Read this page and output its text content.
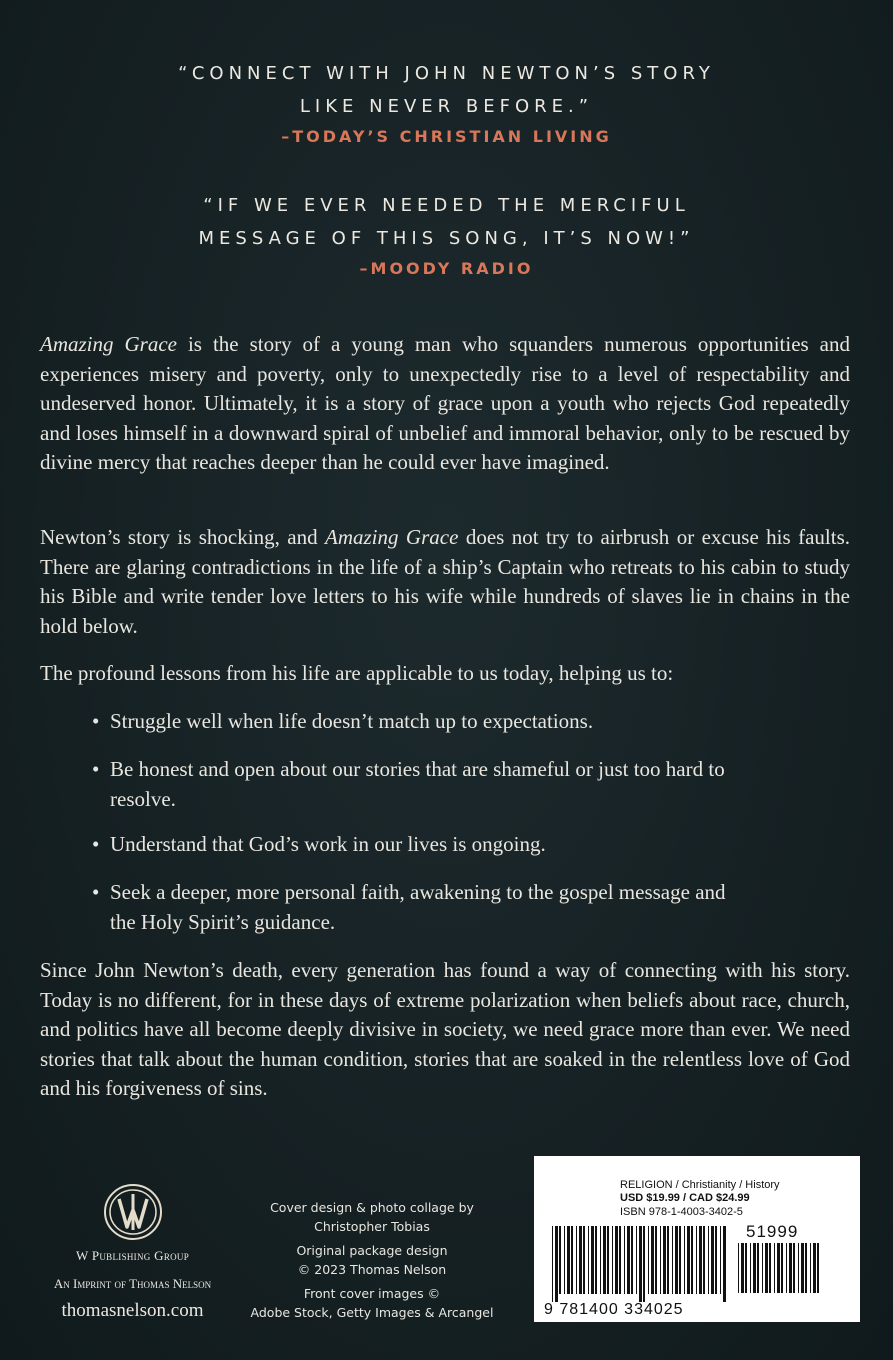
“CONNECT WITH JOHN NEWTON’S STORY
LIKE NEVER BEFORE.”
–TODAY’S CHRISTIAN LIVING
“IF WE EVER NEEDED THE MERCIFUL
MESSAGE OF THIS SONG, IT’S NOW!”
–MOODY RADIO

Amazing Grace is the story of a young man who squanders numerous opportunities and experiences misery and poverty, only to unexpectedly rise to a level of respectability and undeserved honor. Ultimately, it is a story of grace upon a youth who rejects God repeatedly and loses himself in a downward spiral of unbelief and immoral behavior, only to be rescued by divine mercy that reaches deeper than he could ever have imagined.

Newton’s story is shocking, and Amazing Grace does not try to airbrush or excuse his faults. There are glaring contradictions in the life of a ship’s Captain who retreats to his cabin to study his Bible and write tender love letters to his wife while hundreds of slaves lie in chains in the hold below.

The profound lessons from his life are applicable to us today, helping us to:

• Struggle well when life doesn’t match up to expectations.
• Be honest and open about our stories that are shameful or just too hard to resolve.
• Understand that God’s work in our lives is ongoing.
• Seek a deeper, more personal faith, awakening to the gospel message and the Holy Spirit’s guidance.

Since John Newton’s death, every generation has found a way of connecting with his story. Today is no different, for in these days of extreme polarization when beliefs about race, church, and politics have all become deeply divisive in society, we need grace more than ever. We need stories that talk about the human condition, stories that are soaked in the relentless love of God and his forgiveness of sins.

W Publishing Group
An Imprint of Thomas Nelson
thomasnelson.com
Cover design & photo collage by
Christopher Tobias
Original package design
© 2023 Thomas Nelson
Front cover images ©
Adobe Stock, Getty Images & Arcangel
RELIGION / Christianity / History
USD $19.99 / CAD $24.99
ISBN 978-1-4003-3402-5
51999
9 781400 334025
